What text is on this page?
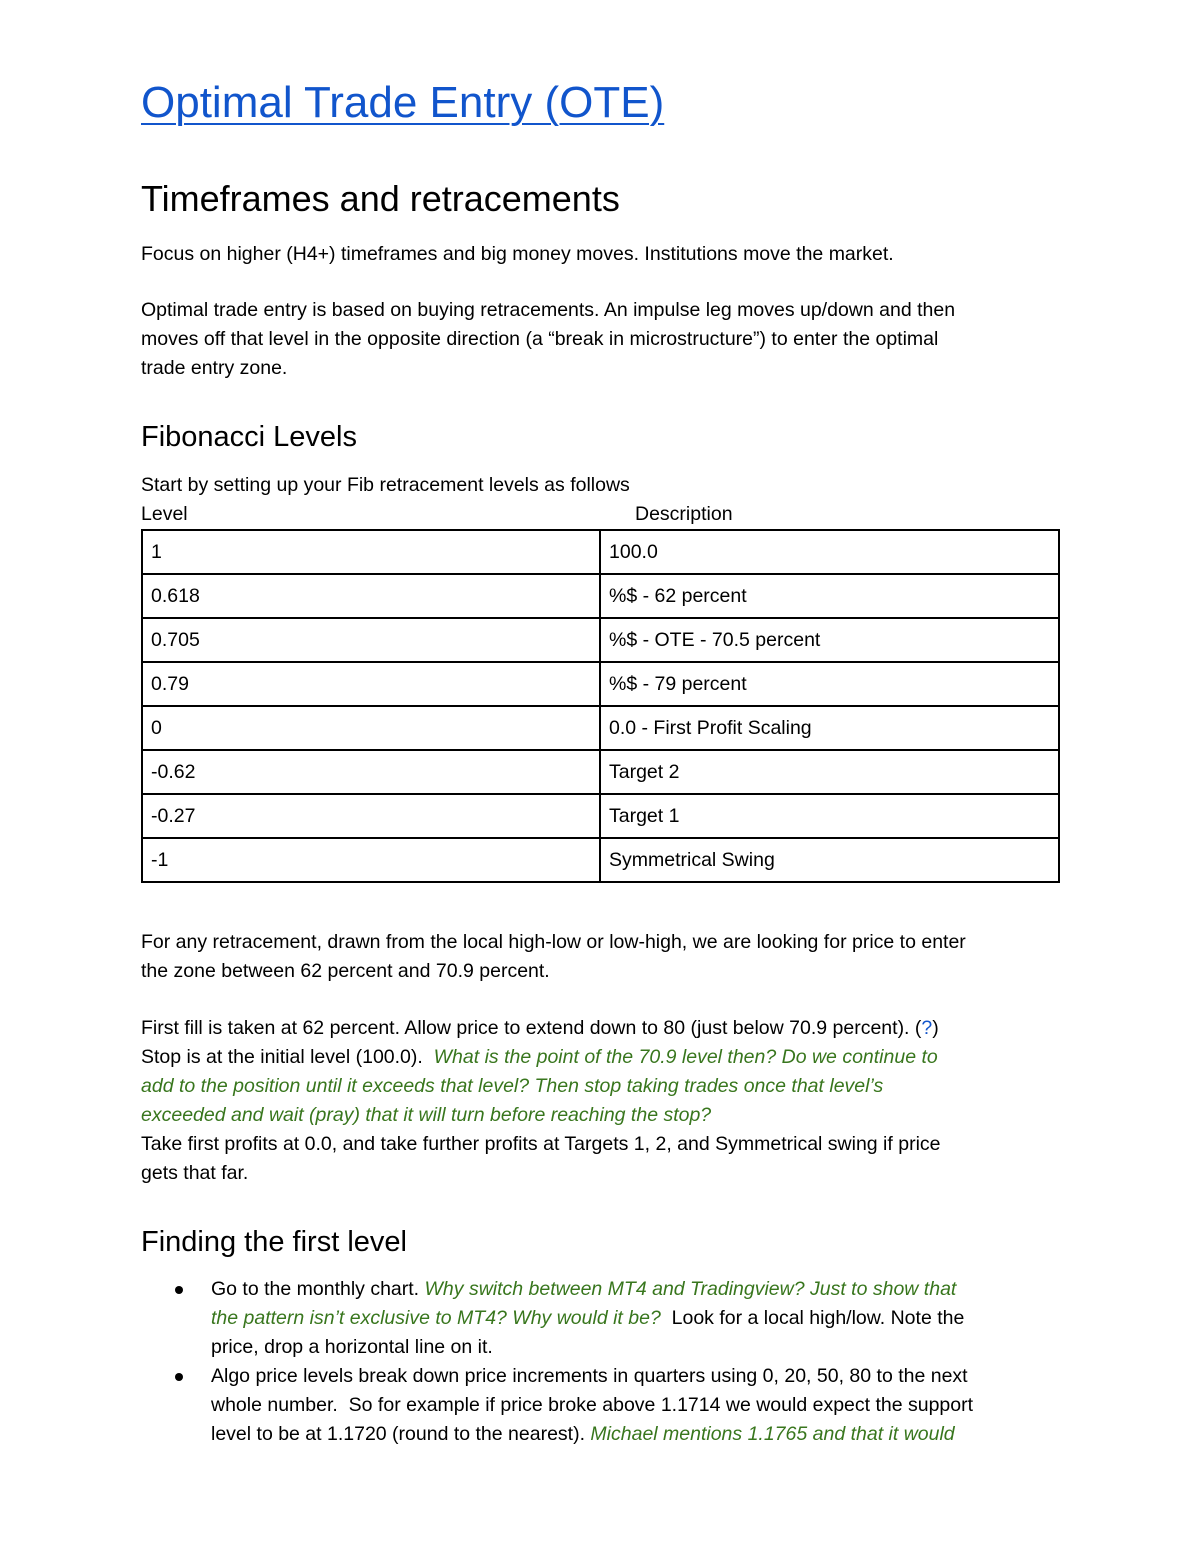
Optimal Trade Entry (OTE)
Timeframes and retracements

Focus on higher (H4+) timeframes and big money moves. Institutions move the market.

Optimal trade entry is based on buying retracements. An impulse leg moves up/down and then
moves off that level in the opposite direction (a “break in microstructure”) to enter the optimal
trade entry zone.

Fibonacci Levels

Start by setting up your Fib retracement levels as follows

Level	Description
1	100.0
0.618	%$ - 62 percent
0.705	%$ - OTE - 70.5 percent
0.79	%$ - 79 percent
0	0.0 - First Profit Scaling
-0.62	Target 2
-0.27	Target 1
-1	Symmetrical Swing

For any retracement, drawn from the local high-low or low-high, we are looking for price to enter
the zone between 62 percent and 70.9 percent.

First fill is taken at 62 percent. Allow price to extend down to 80 (just below 70.9 percent). (?)
Stop is at the initial level (100.0).  What is the point of the 70.9 level then? Do we continue to
add to the position until it exceeds that level? Then stop taking trades once that level’s
exceeded and wait (pray) that it will turn before reaching the stop?
Take first profits at 0.0, and take further profits at Targets 1, 2, and Symmetrical swing if price
gets that far.

Finding the first level
Go to the monthly chart. Why switch between MT4 and Tradingview? Just to show that
the pattern isn’t exclusive to MT4? Why would it be?  Look for a local high/low. Note the
price, drop a horizontal line on it.
Algo price levels break down price increments in quarters using 0, 20, 50, 80 to the next
whole number.  So for example if price broke above 1.1714 we would expect the support
level to be at 1.1720 (round to the nearest). Michael mentions 1.1765 and that it would
